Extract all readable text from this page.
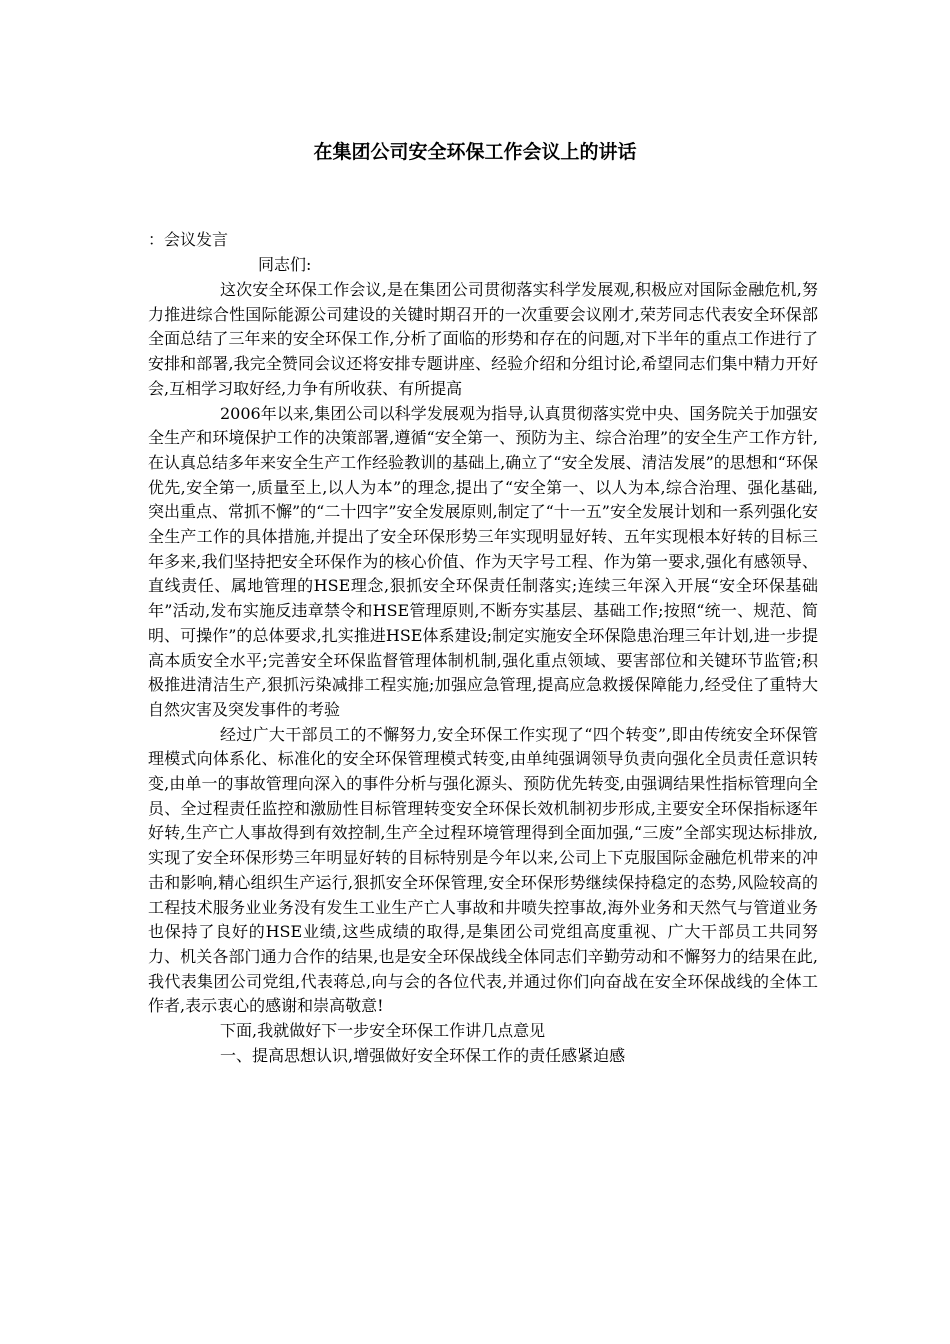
在集团公司安全环保工作会议上的讲话
：会议发言
同志们:

这次安全环保工作会议,是在集团公司贯彻落实科学发展观,积极应对国际金融危机,努力推进综合性国际能源公司建设的关键时期召开的一次重要会议刚才,荣芳同志代表安全环保部全面总结了三年来的安全环保工作,分析了面临的形势和存在的问题,对下半年的重点工作进行了安排和部署,我完全赞同会议还将安排专题讲座、经验介绍和分组讨论,希望同志们集中精力开好会,互相学习取好经,力争有所收获、有所提高

2006年以来,集团公司以科学发展观为指导,认真贯彻落实党中央、国务院关于加强安全生产和环境保护工作的决策部署,遵循“安全第一、预防为主、综合治理”的安全生产工作方针,在认真总结多年来安全生产工作经验教训的基础上,确立了“安全发展、清洁发展”的思想和“环保优先,安全第一,质量至上,以人为本”的理念,提出了“安全第一、以人为本,综合治理、强化基础,突出重点、常抓不懈”的“二十四字”安全发展原则,制定了“十一五”安全发展计划和一系列强化安全生产工作的具体措施,并提出了安全环保形势三年实现明显好转、五年实现根本好转的目标三年多来,我们坚持把安全环保作为的核心价值、作为天字号工程、作为第一要求,强化有感领导、直线责任、属地管理的HSE理念,狠抓安全环保责任制落实;连续三年深入开展“安全环保基础年”活动,发布实施反违章禁令和HSE管理原则,不断夯实基层、基础工作;按照“统一、规范、简明、可操作”的总体要求,扎实推进HSE体系建设;制定实施安全环保隐患治理三年计划,进一步提高本质安全水平;完善安全环保监督管理体制机制,强化重点领域、要害部位和关键环节监管;积极推进清洁生产,狠抓污染减排工程实施;加强应急管理,提高应急救援保障能力,经受住了重特大自然灾害及突发事件的考验

经过广大干部员工的不懈努力,安全环保工作实现了“四个转变”,即由传统安全环保管理模式向体系化、标准化的安全环保管理模式转变,由单纯强调领导负责向强化全员责任意识转变,由单一的事故管理向深入的事件分析与强化源头、预防优先转变,由强调结果性指标管理向全员、全过程责任监控和激励性目标管理转变安全环保长效机制初步形成,主要安全环保指标逐年好转,生产亡人事故得到有效控制,生产全过程环境管理得到全面加强,“三废”全部实现达标排放,实现了安全环保形势三年明显好转的目标特别是今年以来,公司上下克服国际金融危机带来的冲击和影响,精心组织生产运行,狠抓安全环保管理,安全环保形势继续保持稳定的态势,风险较高的工程技术服务业业务没有发生工业生产亡人事故和井喷失控事故,海外业务和天然气与管道业务也保持了良好的HSE业绩,这些成绩的取得,是集团公司党组高度重视、广大干部员工共同努力、机关各部门通力合作的结果,也是安全环保战线全体同志们辛勤劳动和不懈努力的结果在此,我代表集团公司党组,代表蒋总,向与会的各位代表,并通过你们向奋战在安全环保战线的全体工作者,表示衷心的感谢和崇高敬意!

下面,我就做好下一步安全环保工作讲几点意见

一、提高思想认识,增强做好安全环保工作的责任感紧迫感
